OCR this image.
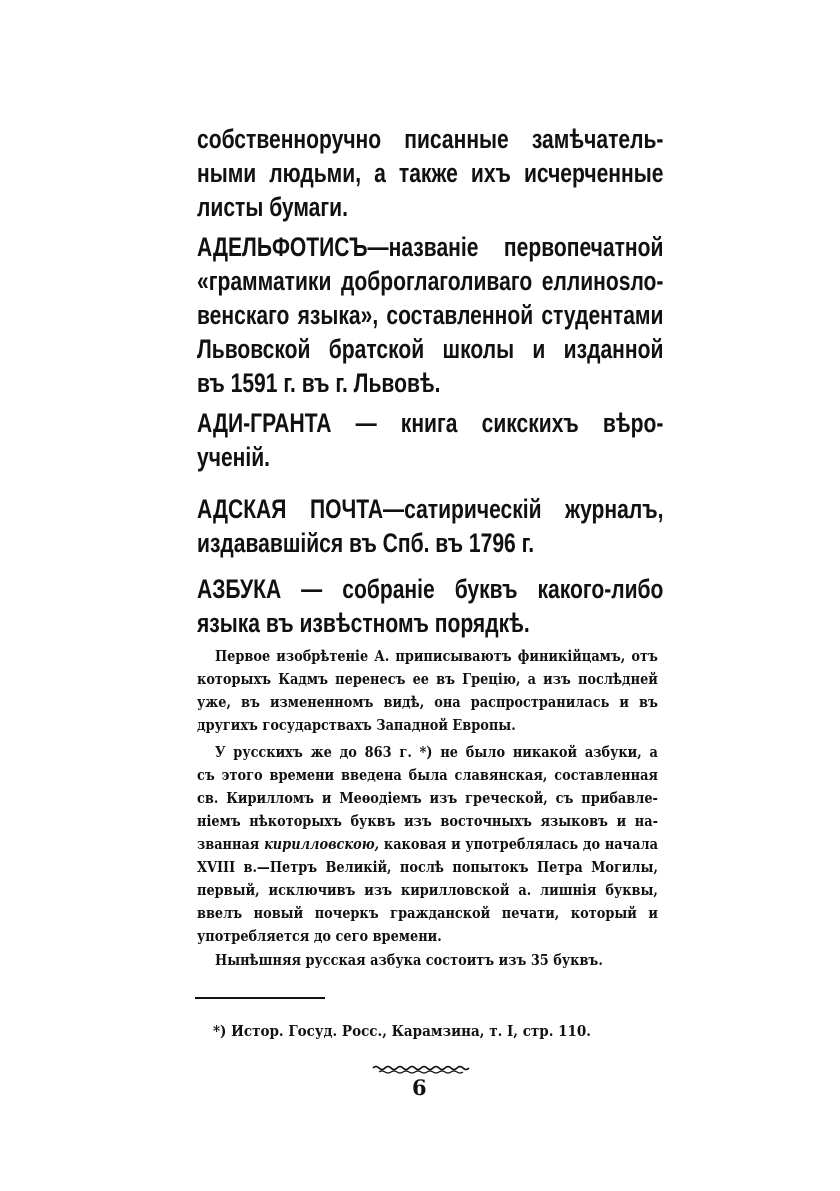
собственноручно писанные замѣчатель-
ными людьми, а также ихъ исчерченные
листы бумаги.
АДЕЛЬФОТИСЪ—названіе первопечатной
«грамматики доброглаголиваго еллинosло-
венскаго языка», составленной студентами
Львовской братской школы и изданной
въ 1591 г. въ г. Львовѣ.
АДИ-ГРАНТА — книга сикскихъ вѣро-
ученій.
АДСКАЯ ПОЧТА—сатирическій журналъ,
издававшійся въ Спб. въ 1796 г.
АЗБУКА — собраніе буквъ какого-либо
языка въ извѣстномъ порядкѣ.
Первое изобрѣтеніе А. приписываютъ финикійцамъ, отъ
которыхъ Кадмъ перенесъ ее въ Грецію, а изъ послѣдней
уже, въ измененномъ видѣ, она распространилась и въ
другихъ государствахъ Западной Европы.
У русскихъ же до 863 г. *) не было никакой азбуки, а
съ этого времени введена была славянская, составленная
св. Кирилломъ и Меѳодіемъ изъ греческой, съ прибавле-
ніемъ нѣкоторыхъ буквъ изъ восточныхъ языковъ и на-
званная кирилловскою, каковая и употреблялась до начала
XVIII в.—Петръ Великій, послѣ попытокъ Петра Могилы,
первый, исключивъ изъ кирилловской а. лишнія буквы,
ввелъ новый почеркъ гражданской печати, который и
употребляется до сего времени.
Нынѣшняя русская азбука состоитъ изъ 35 буквъ.
*) Истор. Госуд. Росс., Карамзина, т. I, стр. 110.
6
